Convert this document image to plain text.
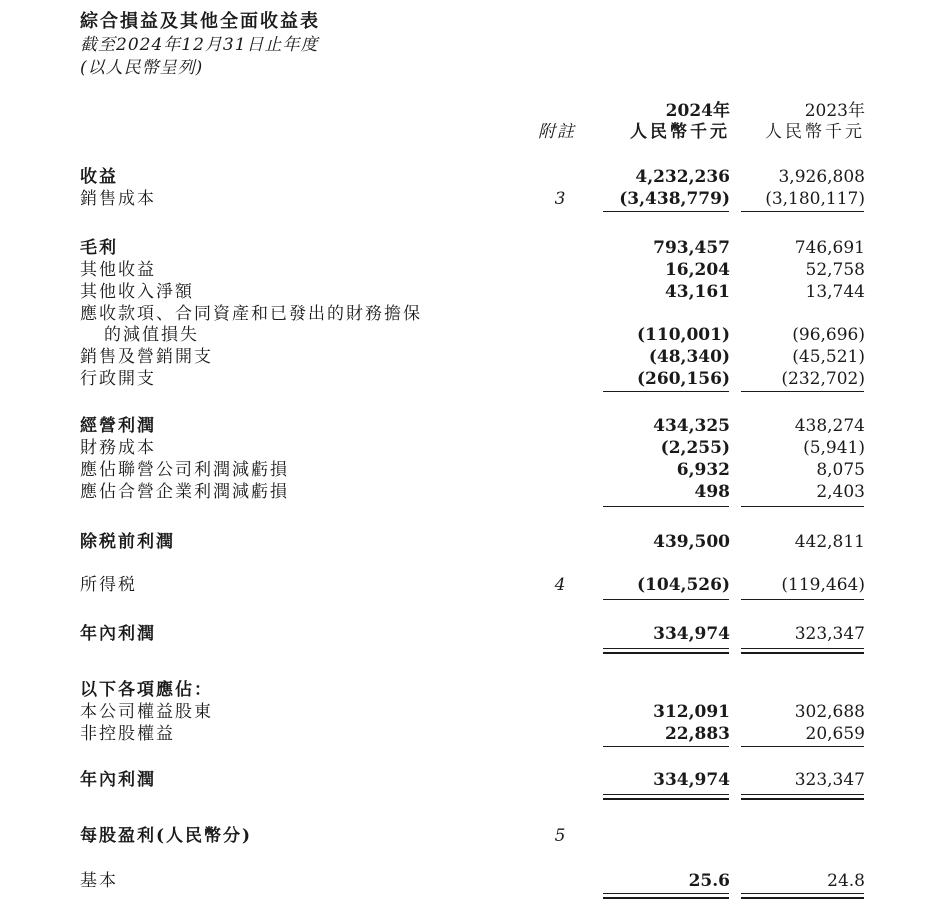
綜合損益及其他全面收益表
截至2024年12月31日止年度
(以人民幣呈列)
2024年	2023年
附註	人民幣千元 人民幣千元
收益	4,232,236	3,926,808
銷售成本	3	(3,438,779) (3,180,117)
毛利	793,457	746,691
其他收益	16,204	52,758
其他收入淨額	43,161	13,744
應收款項、合同資產和已發出的財務擔保
的減值損失	(110,001)	(96,696)
銷售及營銷開支	(48,340)	(45,521)
行政開支	(260,156)	(232,702)
經營利潤	434,325	438,274
財務成本	(2,255)	(5,941)
應佔聯營公司利潤減虧損	6,932	8,075
應佔合營企業利潤減虧損	498	2,403
除税前利潤	439,500	442,811
所得税	4	(104,526)	(119,464)
年內利潤	334,974	323,347
以下各項應佔：
本公司權益股東	312,091	302,688
非控股權益	22,883	20,659
年內利潤	334,974	323,347
每股盈利(人民幣分)	5
基本	25.6	24.8
